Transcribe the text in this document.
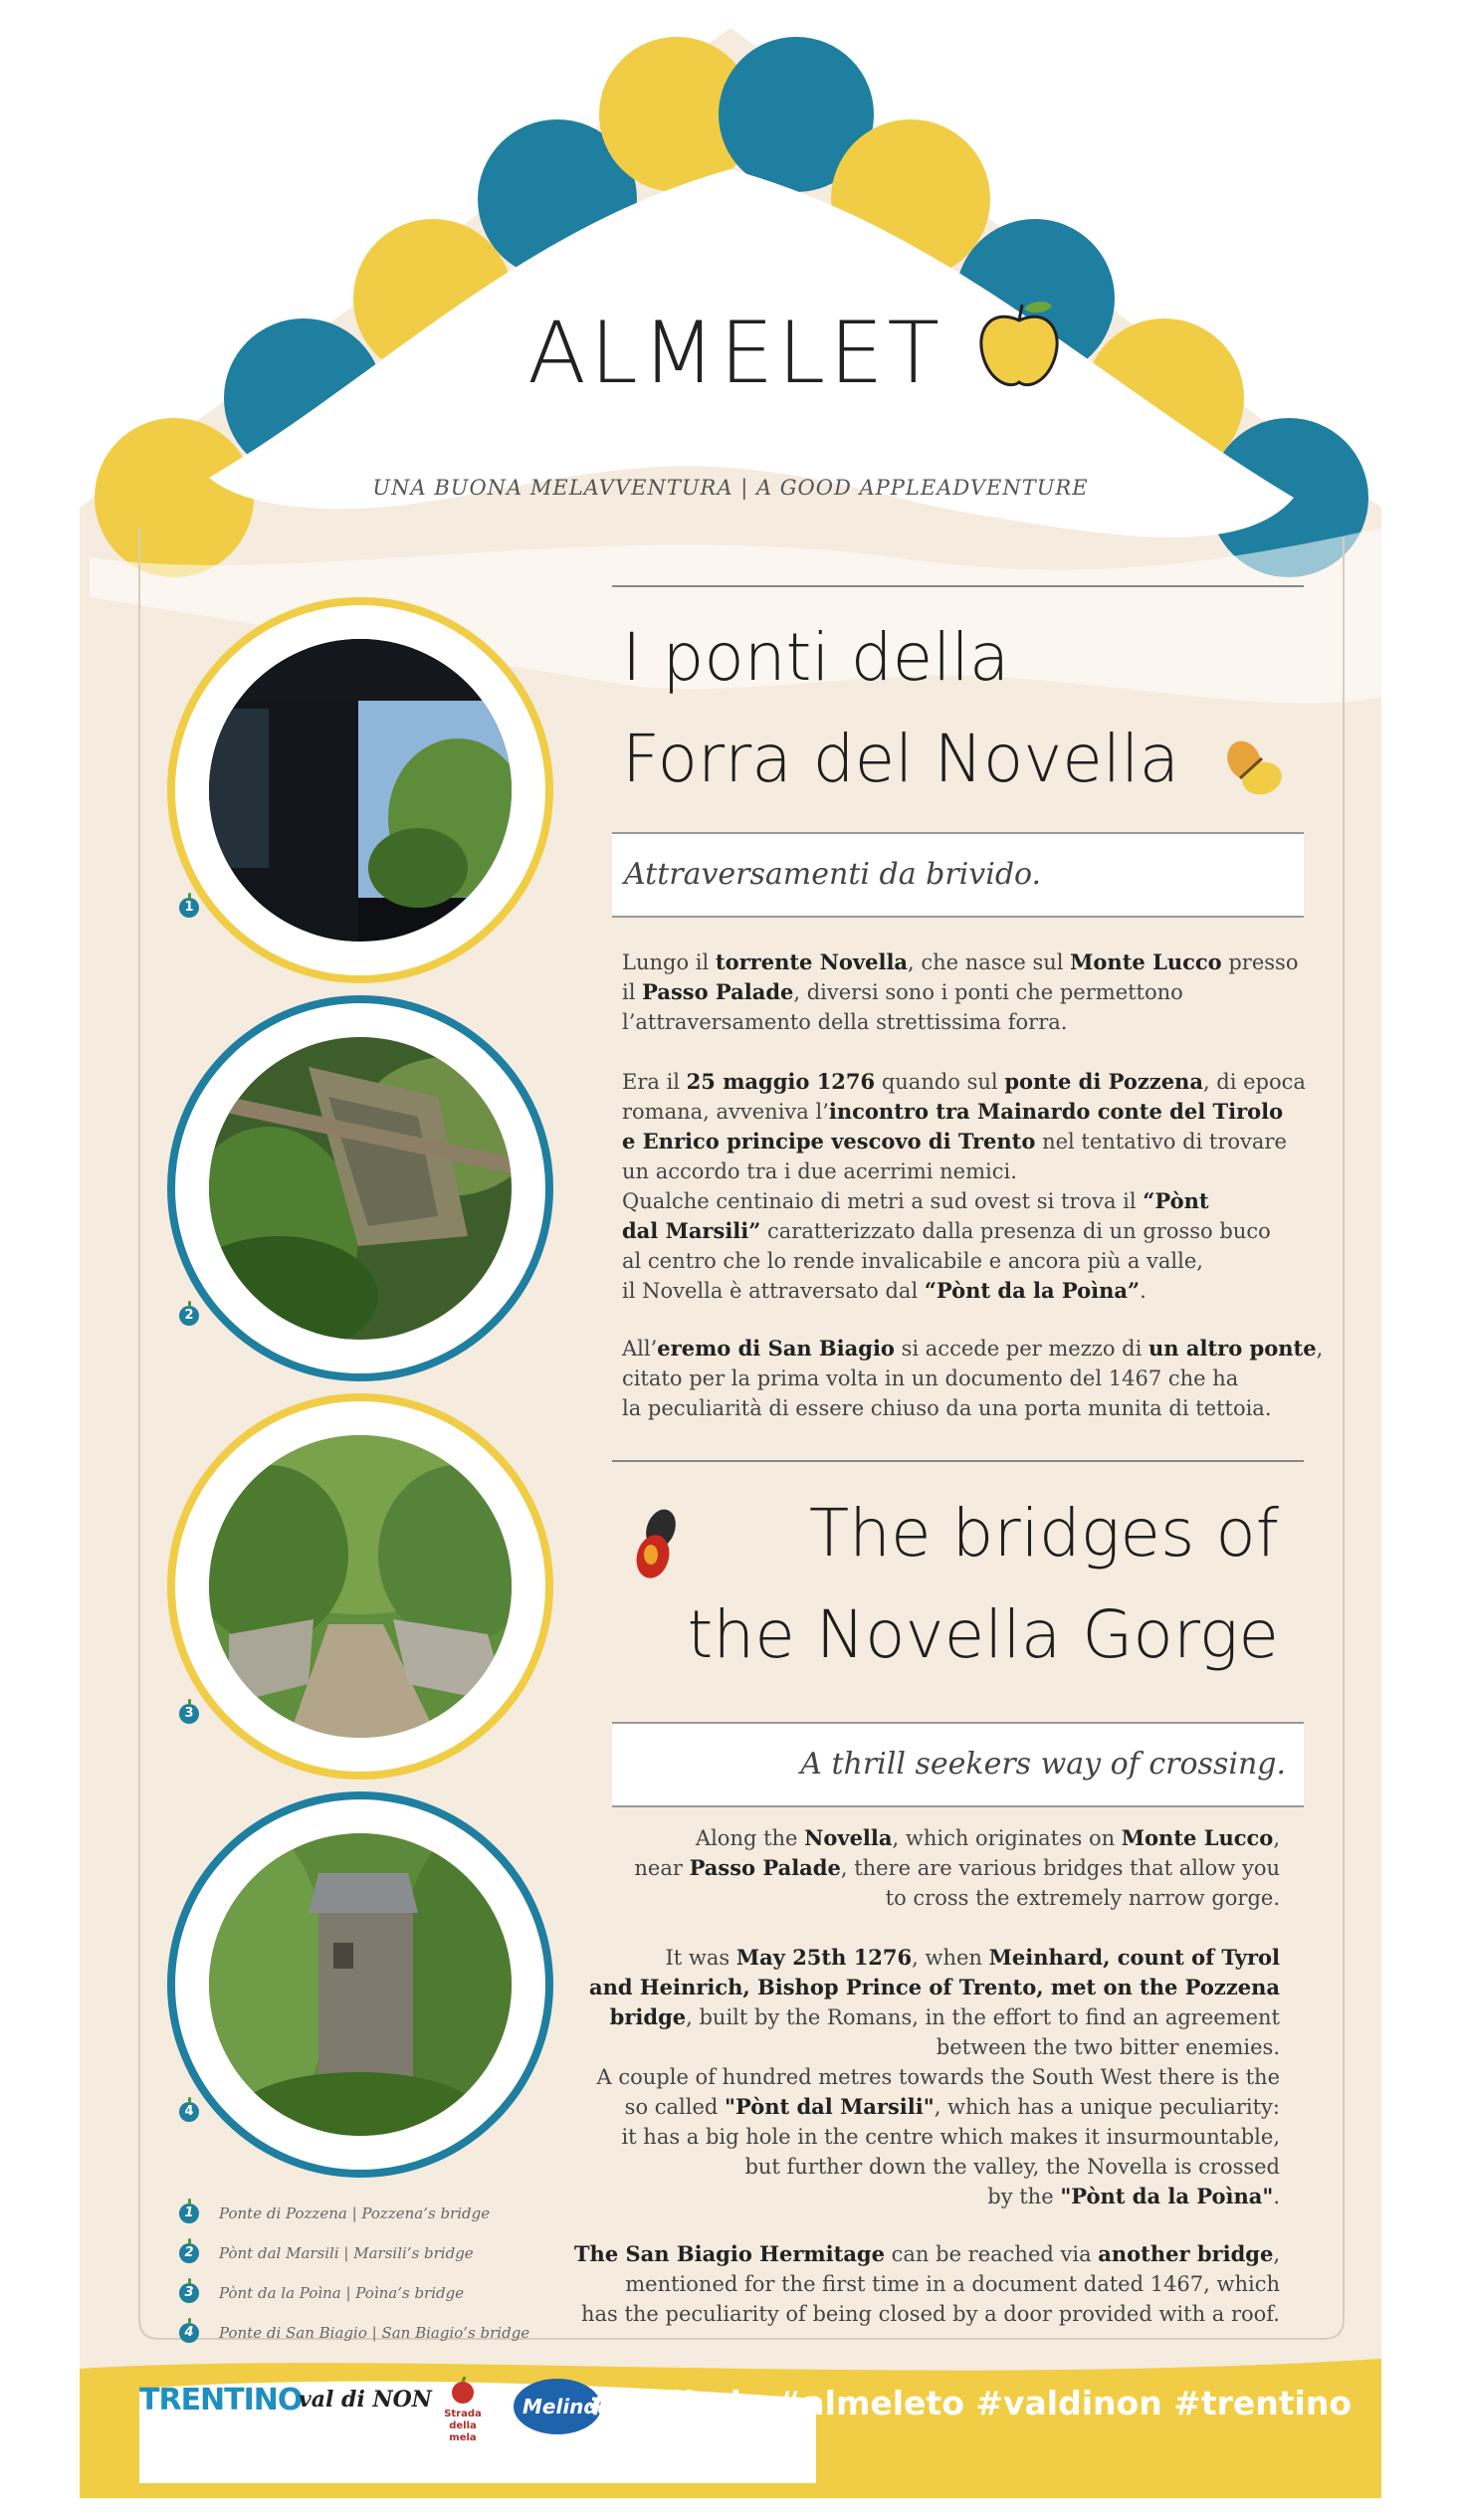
ALMELET
UNA BUONA MELAVVENTURA | A GOOD APPLEADVENTURE
I ponti della
Forra del Novella
Attraversamenti da brivido.
Lungo il torrente Novella, che nasce sul Monte Lucco presso
il Passo Palade, diversi sono i ponti che permettono
l’attraversamento della strettissima forra.
Era il 25 maggio 1276 quando sul ponte di Pozzena, di epoca
romana, avveniva l’incontro tra Mainardo conte del Tirolo
e Enrico principe vescovo di Trento nel tentativo di trovare
un accordo tra i due acerrimi nemici.
Qualche centinaio di metri a sud ovest si trova il “Pònt
dal Marsili” caratterizzato dalla presenza di un grosso buco
al centro che lo rende invalicabile e ancora più a valle,
il Novella è attraversato dal “Pònt da la Poìna”.
All’eremo di San Biagio si accede per mezzo di un altro ponte,
citato per la prima volta in un documento del 1467 che ha
la peculiarità di essere chiuso da una porta munita di tettoia.
The bridges of
the Novella Gorge
A thrill seekers way of crossing.
Along the Novella, which originates on Monte Lucco,
near Passo Palade, there are various bridges that allow you
to cross the extremely narrow gorge.
It was May 25th 1276, when Meinhard, count of Tyrol
and Heinrich, Bishop Prince of Trento, met on the Pozzena
bridge, built by the Romans, in the effort to find an agreement
between the two bitter enemies.
A couple of hundred metres towards the South West there is the
so called "Pònt dal Marsili", which has a unique peculiarity:
it has a big hole in the centre which makes it insurmountable,
but further down the valley, the Novella is crossed
by the "Pònt da la Poìna".
The San Biagio Hermitage can be reached via another bridge,
mentioned for the first time in a document dated 1467, which
has the peculiarity of being closed by a door provided with a roof.
1
2
3
4
1	Ponte di Pozzena | Pozzena’s bridge
2	Pònt dal Marsili | Marsili’s bridge
3	Pònt da la Poìna | Poìna’s bridge
4	Ponte di San Biagio | San Biagio’s bridge
TRENTINO
val di NON
Strada della mela
Melinda
#melinda #almeleto #valdinon #trentino
